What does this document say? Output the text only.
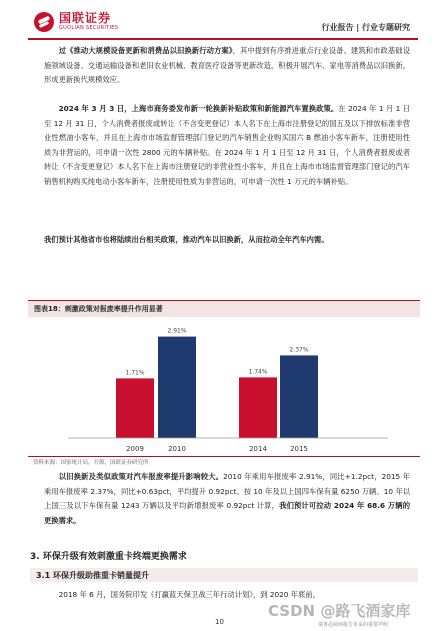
国联证券
GUOLIAN SECURITIES	行业报告 | 行业专题研究
  过《推动大规模设备更新和消费品以旧换新行动方案》，其中提到有序推进重点行业设备、建筑和市政基础设施领域设备、交通运输设备和老旧农业机械、教育医疗设备等更新改造，积极开展汽车、家电等消费品以旧换新，形成更新换代规模效应。
  2024 年 3 月 3 日，上海市商务委发布新一轮换新补贴政策和新能源汽车置换政策。在 2024 年 1 月 1 日至 12 月 31 日，个人消费者报废或转让（不含变更登记）本人名下在上海市注册登记的国五及以下排放标准非营业性燃油小客车，并且在上海市市场监督管理部门登记的汽车销售企业购买国六 B 燃油小客车新车，注册使用性质为非营运的，可申请一次性 2800 元的车辆补贴。在 2024 年 1 月 1 日至 12 月 31 日，个人消费者报废或者转让（不含变更登记）本人名下在上海市注册登记的非营业性小客车，并且在上海市市场监督管理部门登记的汽车销售机构购买纯电动小客车新车，注册使用性质为非营运的，可申请一次性 1 万元的车辆补贴。
我们预计其他省市也将陆续出台相关政策，推动汽车以旧换新，从而拉动全年汽车内需。
图表18：刺激政策对报废率提升作用显著
1.71%
2.91%
1.74%
2.37%
2009	2010	2014	2015
资料来源：国家统计局，开源，国联证券研究所
  以旧换新及类似政策对汽车报废率提升影响较大。2010 年乘用车报废率 2.91%，同比+1.2pct，2015 年乘用车报废率 2.37%，同比+0.63pct，平均提升 0.92pct。按 10 年及以上国四车保有量 6250 万辆、10 年以上国三及以下车保有量 1243 万辆以及平均新增报废率 0.92pct 计算，我们预计可拉动 2024 年 68.6 万辆的更换需求。
3. 环保升级有效刺激重卡终端更换需求
3.1 环保升级助推重卡销量提升
  2018 年 6 月，国务院印发《打赢蓝天保卫战三年行动计划》，到 2020 年底前，
10	请务必阅读报告末页的重要声明
CSDN @路飞酒家库
